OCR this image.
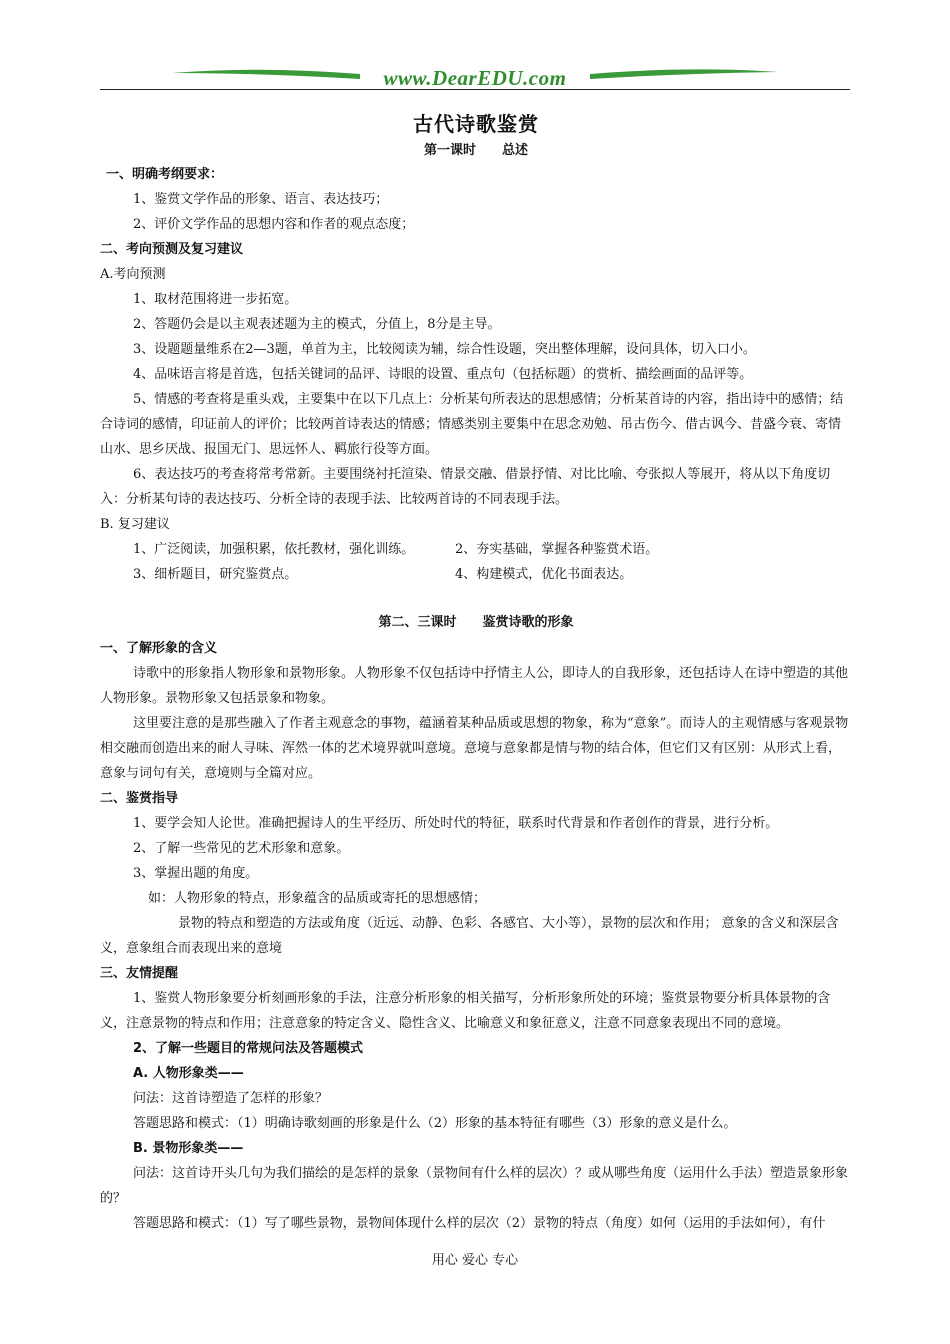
www.DearEDU.com
古代诗歌鉴赏
第一课时　　总述
一、明确考纲要求：
1、鉴赏文学作品的形象、语言、表达技巧；
2、评价文学作品的思想内容和作者的观点态度；
二、考向预测及复习建议
A.考向预测
1、取材范围将进一步拓宽。
2、答题仍会是以主观表述题为主的模式，分值上，8分是主导。
3、设题题量维系在2—3题，单首为主，比较阅读为辅，综合性设题，突出整体理解，设问具体，切入口小。
4、品味语言将是首选，包括关键词的品评、诗眼的设置、重点句（包括标题）的赏析、描绘画面的品评等。
5、情感的考查将是重头戏，主要集中在以下几点上：分析某句所表达的思想感情；分析某首诗的内容，指出诗中的感情；结合诗词的感情，印证前人的评价；比较两首诗表达的情感；情感类别主要集中在思念劝勉、吊古伤今、借古讽今、昔盛今衰、寄情山水、思乡厌战、报国无门、思远怀人、羁旅行役等方面。
6、表达技巧的考查将常考常新。主要围绕衬托渲染、情景交融、借景抒情、对比比喻、夸张拟人等展开，将从以下角度切入：分析某句诗的表达技巧、分析全诗的表现手法、比较两首诗的不同表现手法。
B. 复习建议
1、广泛阅读，加强积累，依托教材，强化训练。	2、夯实基础，掌握各种鉴赏术语。
3、细析题目，研究鉴赏点。	4、构建模式，优化书面表达。
第二、三课时　　鉴赏诗歌的形象
一、了解形象的含义
诗歌中的形象指人物形象和景物形象。人物形象不仅包括诗中抒情主人公，即诗人的自我形象，还包括诗人在诗中塑造的其他人物形象。景物形象又包括景象和物象。
这里要注意的是那些融入了作者主观意念的事物，蕴涵着某种品质或思想的物象，称为“意象”。而诗人的主观情感与客观景物相交融而创造出来的耐人寻味、浑然一体的艺术境界就叫意境。意境与意象都是情与物的结合体，但它们又有区别：从形式上看，意象与词句有关，意境则与全篇对应。
二、鉴赏指导
1、要学会知人论世。准确把握诗人的生平经历、所处时代的特征，联系时代背景和作者创作的背景，进行分析。
2、了解一些常见的艺术形象和意象。
3、掌握出题的角度。
如：人物形象的特点，形象蕴含的品质或寄托的思想感情；
景物的特点和塑造的方法或角度（近远、动静、色彩、各感官、大小等），景物的层次和作用； 意象的含义和深层含义，意象组合而表现出来的意境
三、友情提醒
1、鉴赏人物形象要分析刻画形象的手法，注意分析形象的相关描写，分析形象所处的环境；鉴赏景物要分析具体景物的含义，注意景物的特点和作用；注意意象的特定含义、隐性含义、比喻意义和象征意义，注意不同意象表现出不同的意境。
2、了解一些题目的常规问法及答题模式
A. 人物形象类——
问法：这首诗塑造了怎样的形象？
答题思路和模式：（1）明确诗歌刻画的形象是什么（2）形象的基本特征有哪些（3）形象的意义是什么。
B. 景物形象类——
问法：这首诗开头几句为我们描绘的是怎样的景象（景物间有什么样的层次）？或从哪些角度（运用什么手法）塑造景象形象的？
答题思路和模式：（1）写了哪些景物，景物间体现什么样的层次（2）景物的特点（角度）如何（运用的手法如何），有什
用心 爱心 专心
